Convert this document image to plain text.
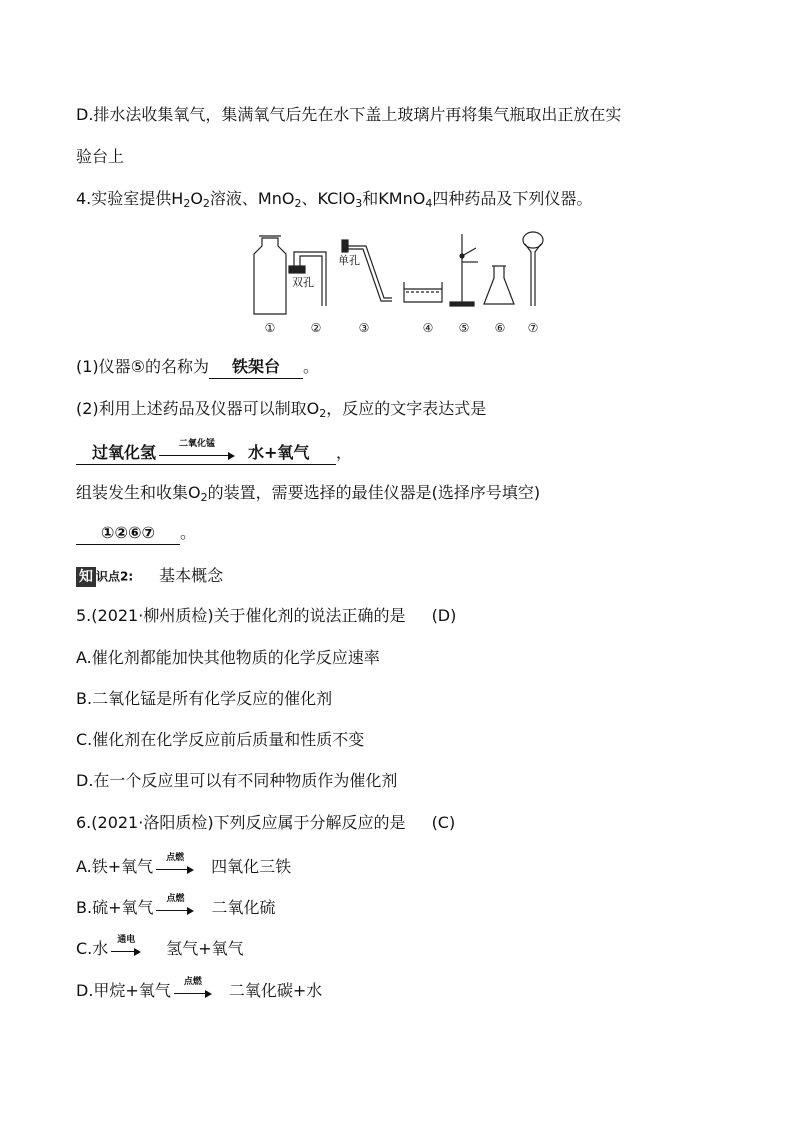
D.排水法收集氧气，集满氧气后先在水下盖上玻璃片再将集气瓶取出正放在实
验台上
4.实验室提供$H_2O_2$溶液、MnO$_2$、KClO$_3$和KMnO$_4$四种药品及下列仪器。
双孔
单孔
①	②	③	④ ⑤ ⑥ ⑦
(1)仪器⑤的名称为 铁架台 。
(2)利用上述药品及仪器可以制取$O_2$，反应的文字表达式是
过氧化氢	二氧化锰	水+氧气 ，
组装发生和收集$O_2$的装置，需要选择的最佳仪器是(选择序号填空)
①②⑥⑦ 。
知 识点2: 基本概念
5.(2021·柳州质检)关于催化剂的说法正确的是 (D)
A.催化剂都能加快其他物质的化学反应速率
B.二氧化锰是所有化学反应的催化剂
C.催化剂在化学反应前后质量和性质不变
D.在一个反应里可以有不同种物质作为催化剂
6.(2021·洛阳质检)下列反应属于分解反应的是 (C)
A.铁+氧气	点燃	四氧化三铁
B.硫+氧气	点燃	二氧化硫
C.水 通电	氢气+氧气
D.甲烷+氧气	点燃	二氧化碳+水
